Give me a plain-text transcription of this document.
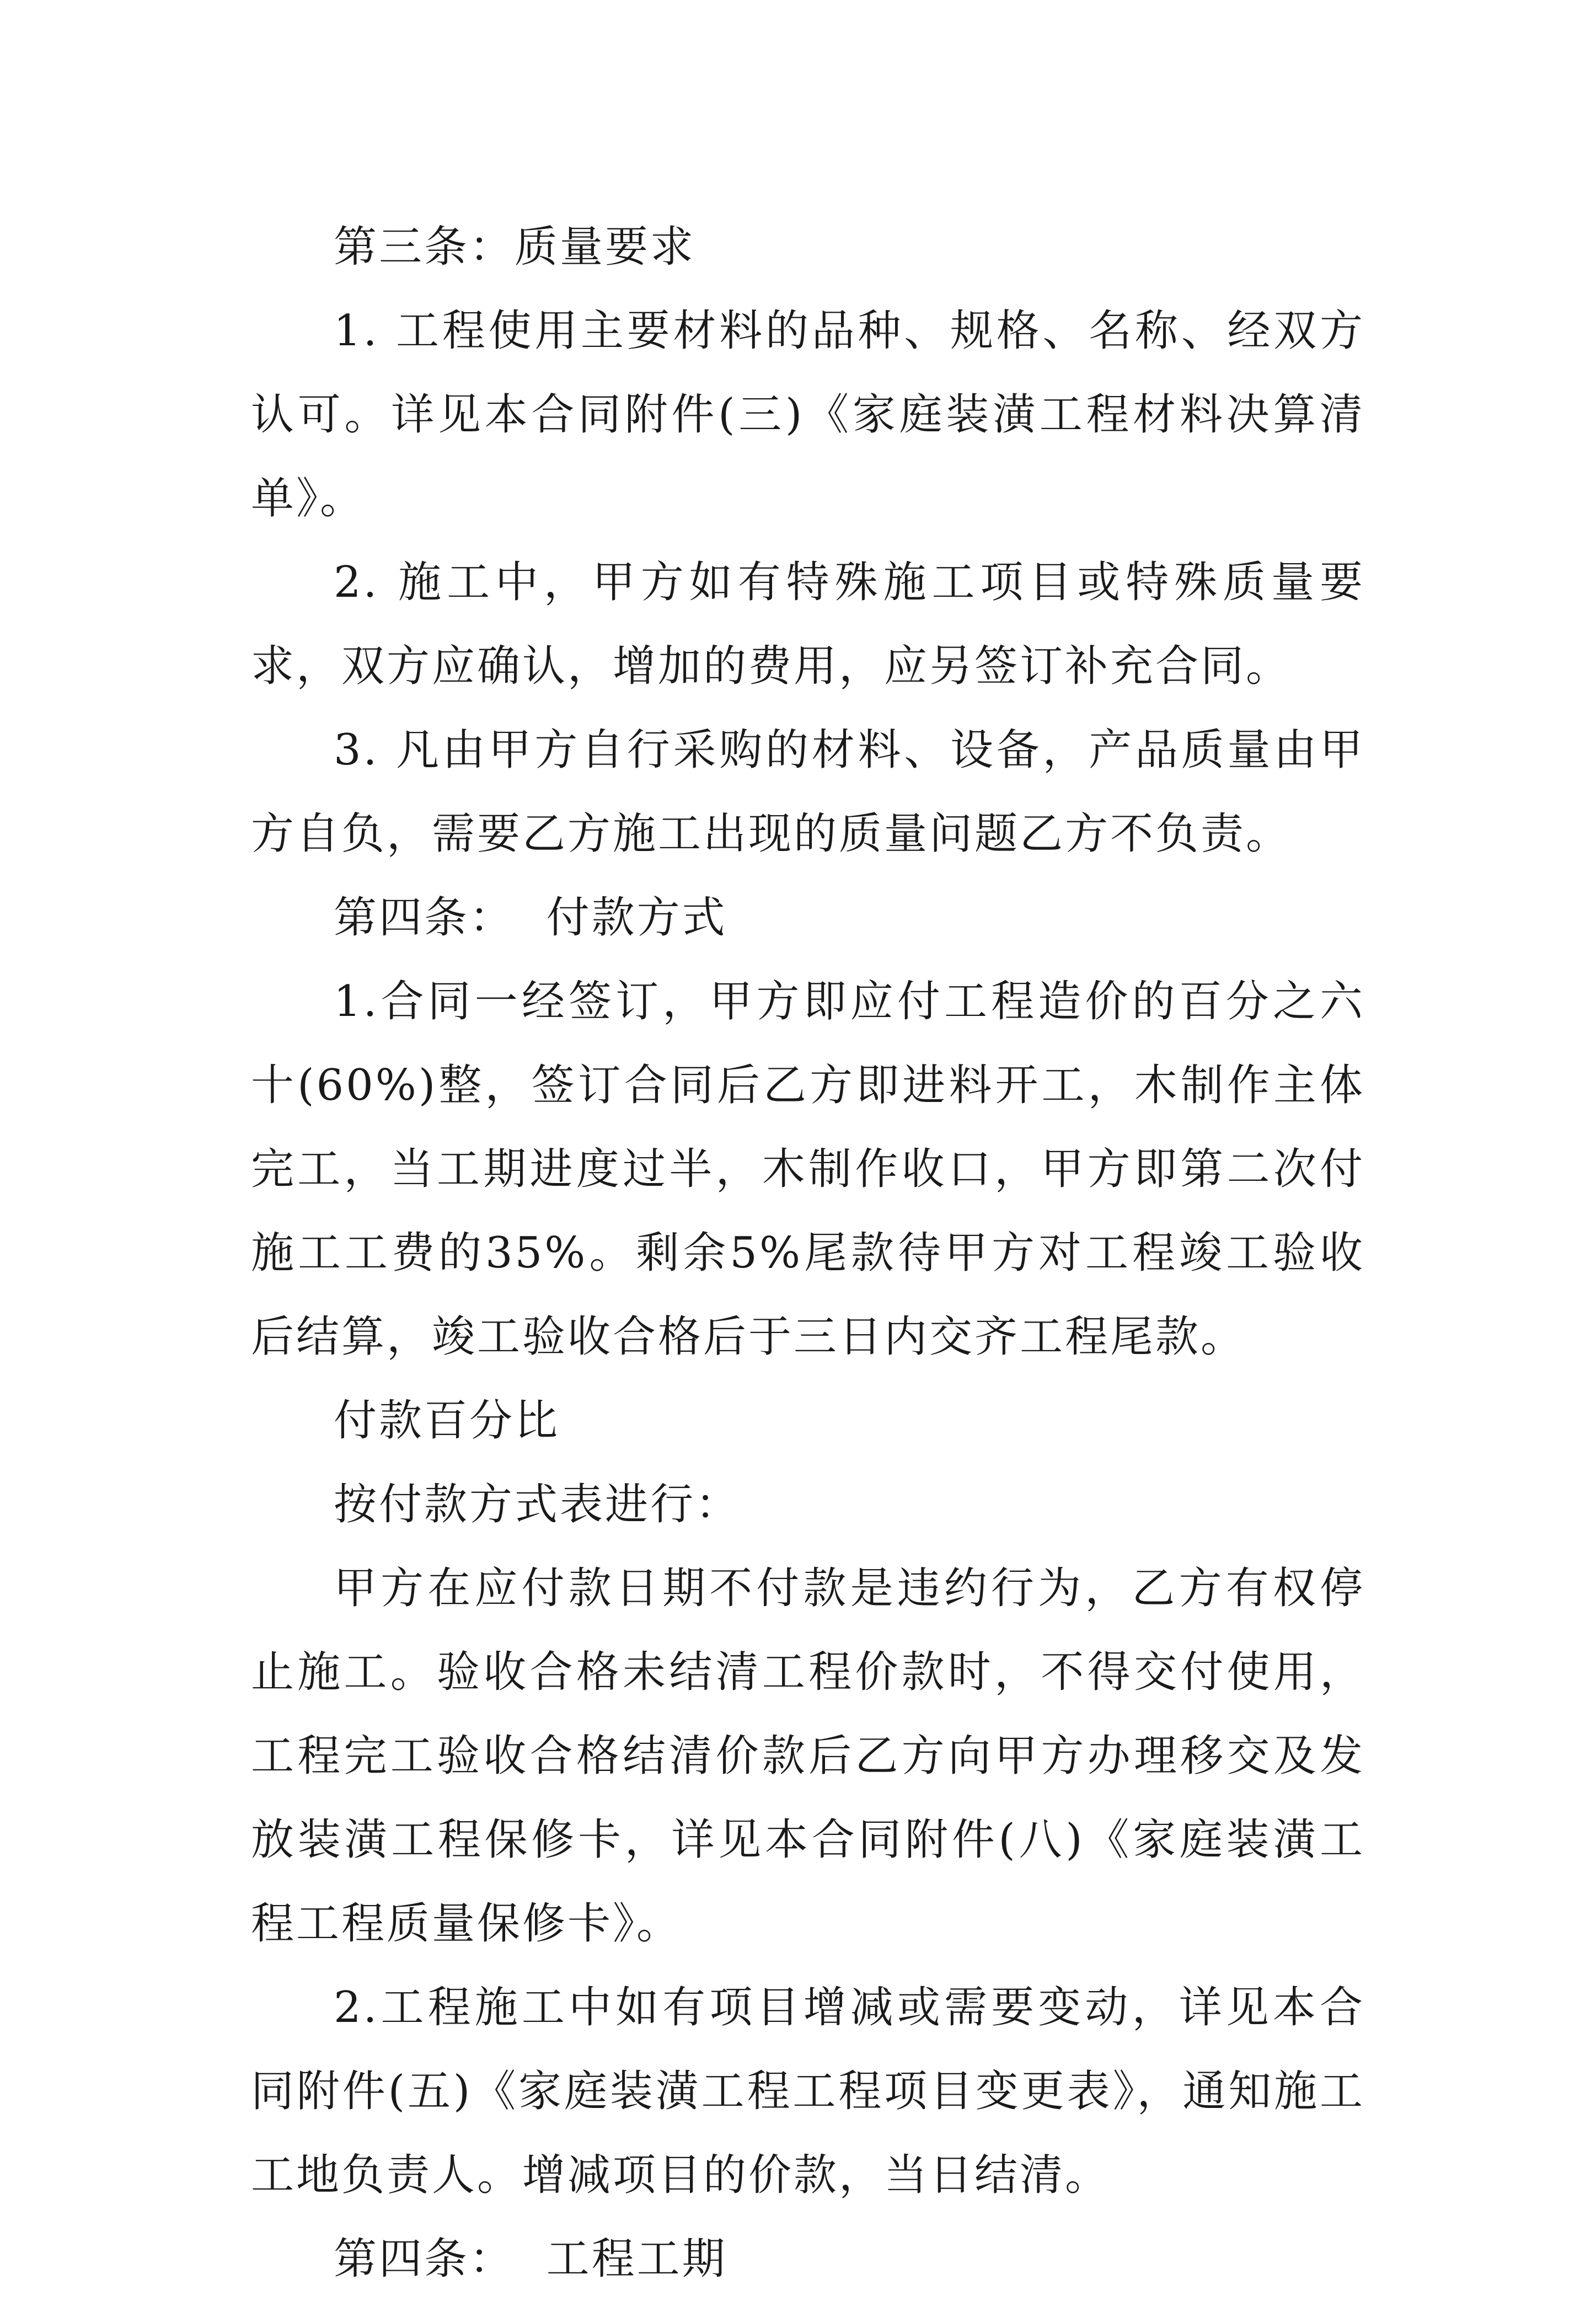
第三条：质量要求

1. 工程使用主要材料的品种、规格、名称、经双方认可。详见本合同附件(三)《家庭装潢工程材料决算清单》。

2. 施工中，甲方如有特殊施工项目或特殊质量要求，双方应确认，增加的费用，应另签订补充合同。

3. 凡由甲方自行采购的材料、设备，产品质量由甲方自负，需要乙方施工出现的质量问题乙方不负责。

第四条：  付款方式

1.合同一经签订，甲方即应付工程造价的百分之六十(60%)整，签订合同后乙方即进料开工，木制作主体完工，当工期进度过半，木制作收口，甲方即第二次付施工工费的35%。剩余5%尾款待甲方对工程竣工验收后结算，竣工验收合格后于三日内交齐工程尾款。

付款百分比

按付款方式表进行：

甲方在应付款日期不付款是违约行为，乙方有权停止施工。验收合格未结清工程价款时，不得交付使用，工程完工验收合格结清价款后乙方向甲方办理移交及发放装潢工程保修卡，详见本合同附件(八)《家庭装潢工程工程质量保修卡》。

2.工程施工中如有项目增减或需要变动，详见本合同附件(五)《家庭装潢工程工程项目变更表》，通知施工工地负责人。增减项目的价款，当日结清。

第四条：  工程工期
